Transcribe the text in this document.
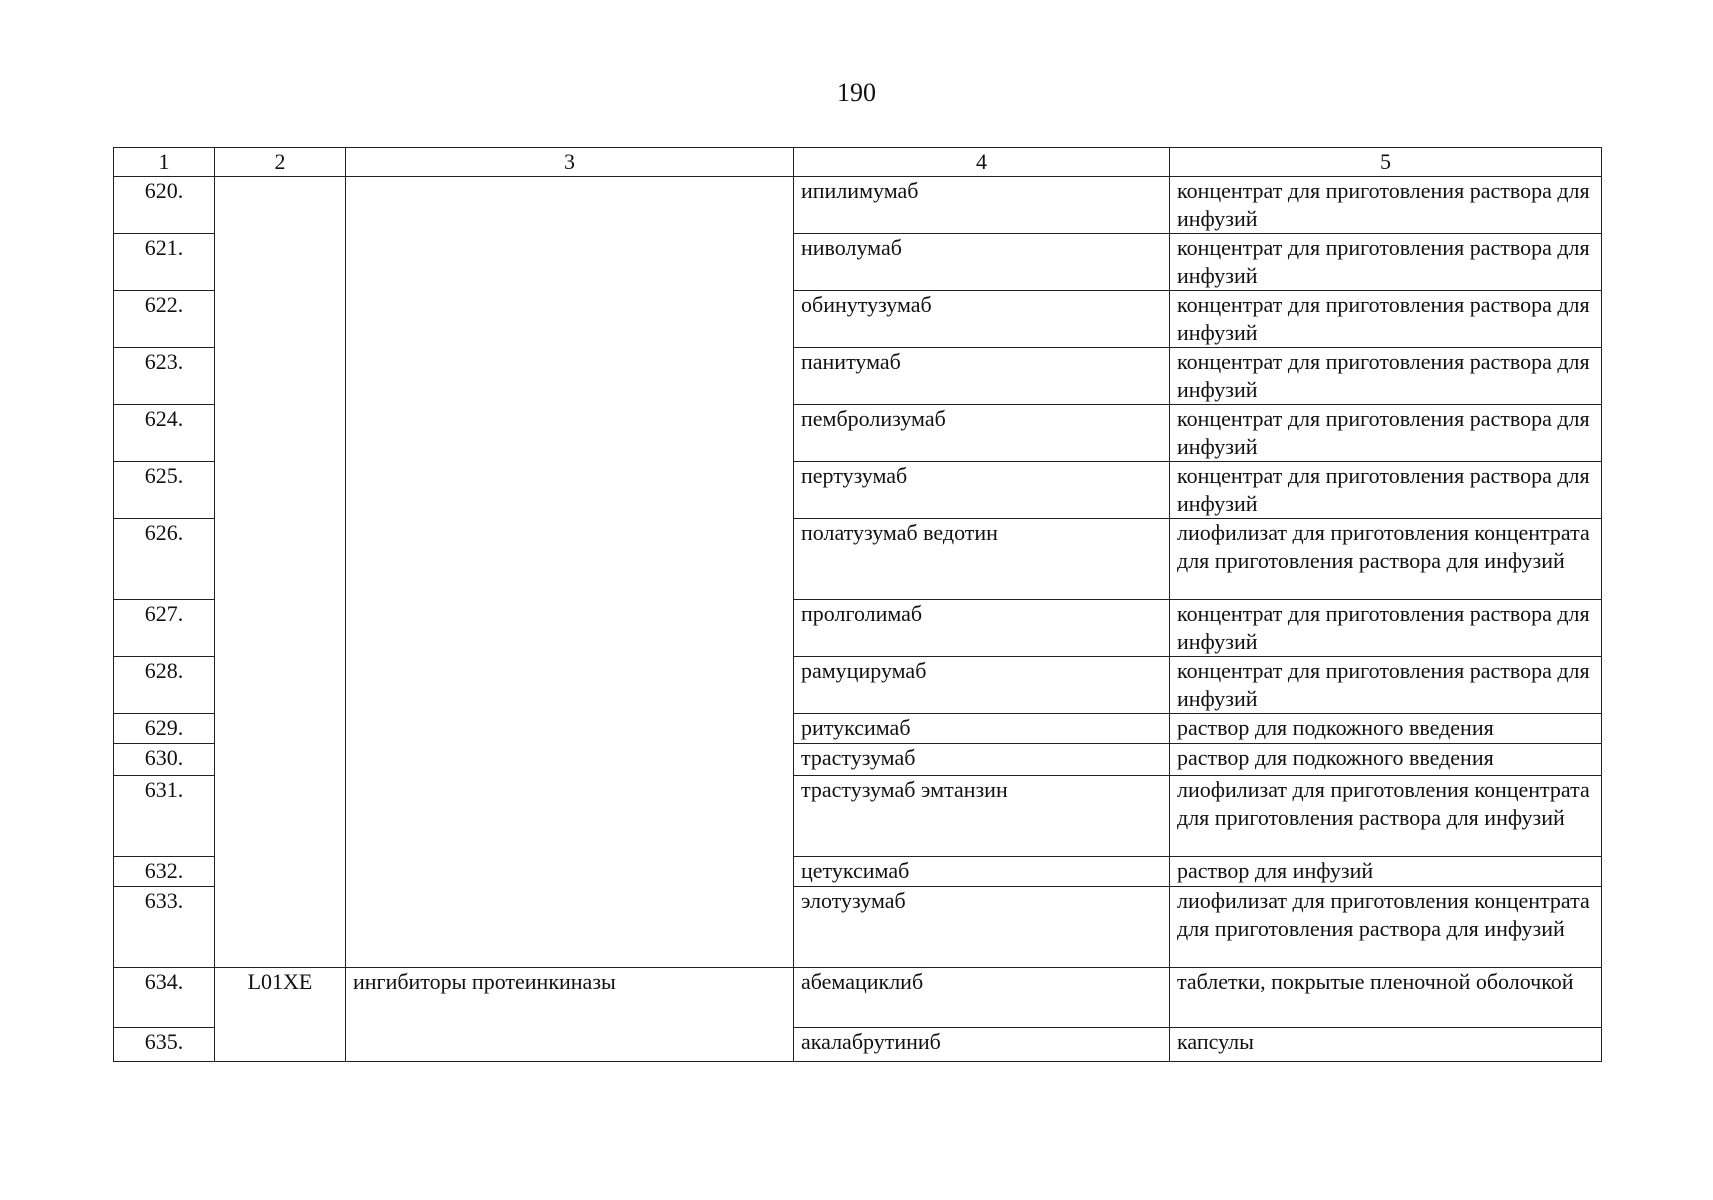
190
1	2	3	4	5
620.			ипилимумаб	концентрат для приготовления раствора для инфузий
621.			ниволумаб	концентрат для приготовления раствора для инфузий
622.			обинутузумаб	концентрат для приготовления раствора для инфузий
623.			панитумаб	концентрат для приготовления раствора для инфузий
624.			пембролизумаб	концентрат для приготовления раствора для инфузий
625.			пертузумаб	концентрат для приготовления раствора для инфузий
626.			полатузумаб ведотин	лиофилизат для приготовления концентрата для приготовления раствора для инфузий
627.			пролголимаб	концентрат для приготовления раствора для инфузий
628.			рамуцирумаб	концентрат для приготовления раствора для инфузий
629.			ритуксимаб	раствор для подкожного введения
630.			трастузумаб	раствор для подкожного введения
631.			трастузумаб эмтанзин	лиофилизат для приготовления концентрата для приготовления раствора для инфузий
632.			цетуксимаб	раствор для инфузий
633.			элотузумаб	лиофилизат для приготовления концентрата для приготовления раствора для инфузий
634.	L01XE	ингибиторы протеинкиназы	абемациклиб	таблетки, покрытые пленочной оболочкой
635.			акалабрутиниб	капсулы
